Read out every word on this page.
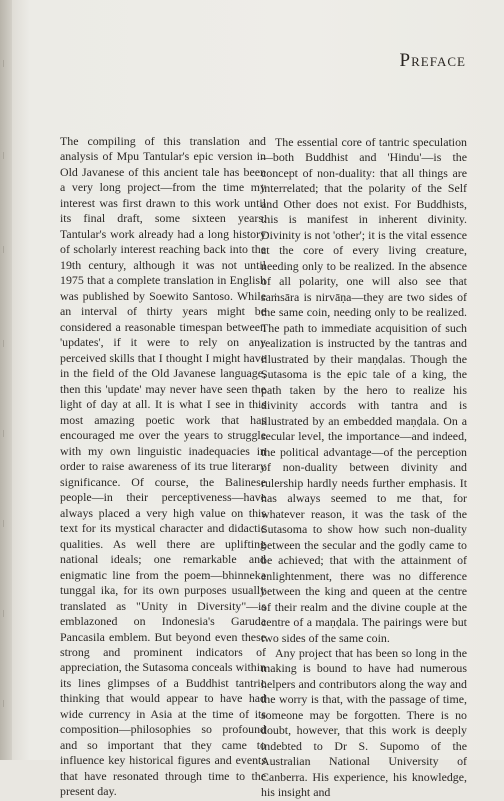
Preface

The compiling of this translation and analysis of Mpu Tantular's epic version in Old Javanese of this ancient tale has been a very long project—from the time my interest was first drawn to this work until its final draft, some sixteen years. Tantular's work already had a long history of scholarly interest reaching back into the 19th century, although it was not until 1975 that a complete translation in English was published by Soewito Santoso. While an interval of thirty years might be considered a reasonable timespan between 'updates', if it were to rely on any perceived skills that I thought I might have in the field of the Old Javanese language, then this 'update' may never have seen the light of day at all. It is what I see in this most amazing poetic work that has encouraged me over the years to struggle with my own linguistic inadequacies in order to raise awareness of its true literary significance. Of course, the Balinese people—in their perceptiveness—have always placed a very high value on this text for its mystical character and didactic qualities. As well there are uplifting national ideals; one remarkable and enigmatic line from the poem—bhinneka tunggal ika, for its own purposes usually translated as "Unity in Diversity"—is emblazoned on Indonesia's Garuda Pancasila emblem. But beyond even these strong and prominent indicators of appreciation, the Sutasoma conceals within its lines glimpses of a Buddhist tantric thinking that would appear to have had wide currency in Asia at the time of its composition—philosophies so profound and so important that they came to influence key historical figures and events that have resonated through time to the present day.

The essential core of tantric speculation—both Buddhist and 'Hindu'—is the concept of non-duality: that all things are interrelated; that the polarity of the Self and Other does not exist. For Buddhists, this is manifest in inherent divinity. Divinity is not 'other'; it is the vital essence at the core of every living creature, needing only to be realized. In the absence of all polarity, one will also see that saṁsāra is nirvāṇa—they are two sides of the same coin, needing only to be realized. The path to immediate acquisition of such realization is instructed by the tantras and illustrated by their maṇḍalas. Though the Sutasoma is the epic tale of a king, the path taken by the hero to realize his divinity accords with tantra and is illustrated by an embedded maṇḍala. On a secular level, the importance—and indeed, the political advantage—of the perception of non-duality between divinity and rulership hardly needs further emphasis. It has always seemed to me that, for whatever reason, it was the task of the Sutasoma to show how such non-duality between the secular and the godly came to be achieved; that with the attainment of enlightenment, there was no difference between the king and queen at the centre of their realm and the divine couple at the centre of a maṇḍala. The pairings were but two sides of the same coin.

Any project that has been so long in the making is bound to have had numerous helpers and contributors along the way and the worry is that, with the passage of time, someone may be forgotten. There is no doubt, however, that this work is deeply indebted to Dr S. Supomo of the Australian National University of Canberra. His experience, his knowledge, his insight and
